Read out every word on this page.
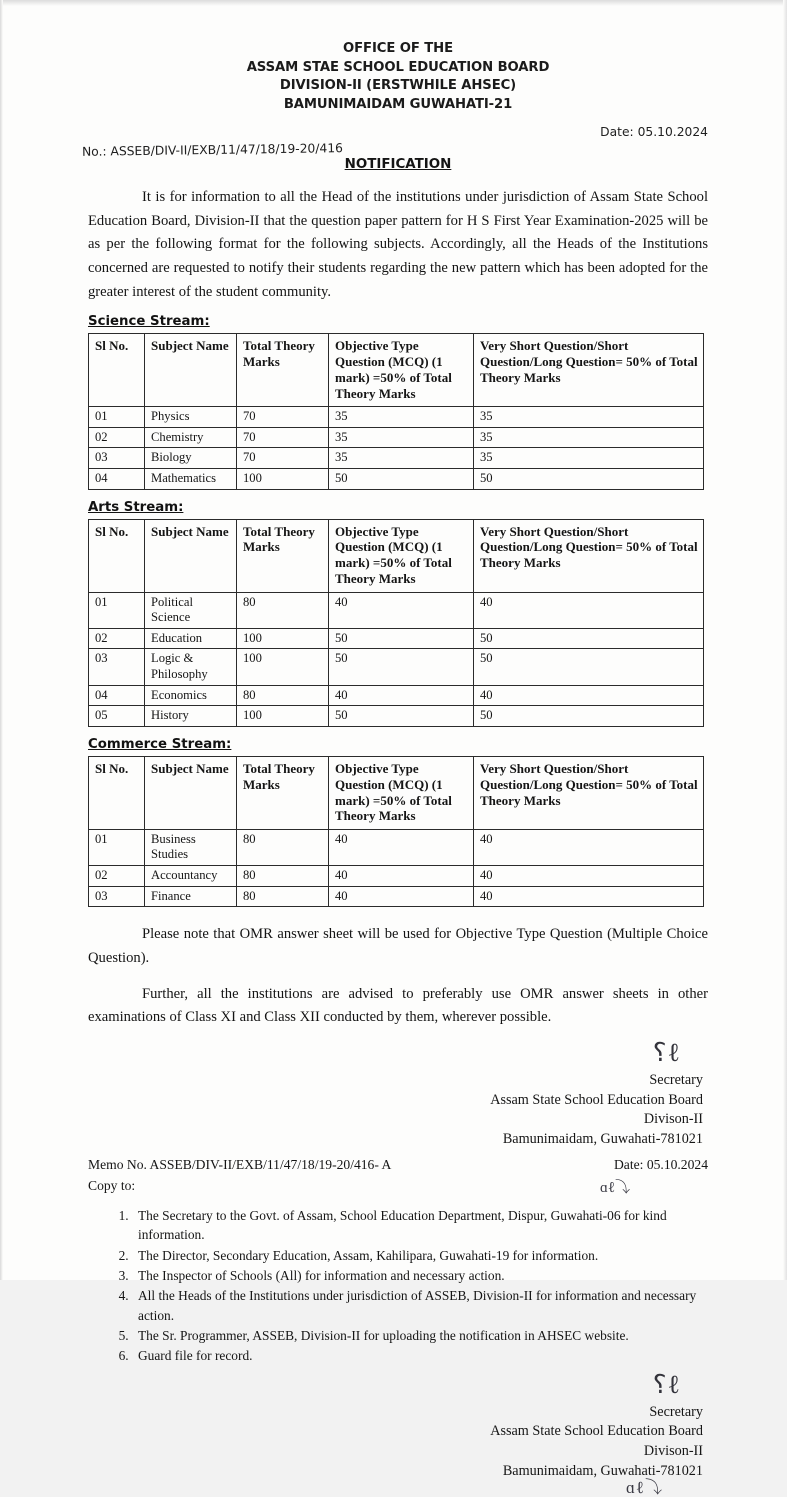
OFFICE OF THE
ASSAM STAE SCHOOL EDUCATION BOARD
DIVISION-II (ERSTWHILE AHSEC)
BAMUNIMAIDAM GUWAHATI-21
No.: ASSEB/DIV-II/EXB/11/47/18/19-20/416
Date: 05.10.2024
NOTIFICATION
It is for information to all the Head of the institutions under jurisdiction of Assam State School Education Board, Division-II that the question paper pattern for H S First Year Examination-2025 will be as per the following format for the following subjects. Accordingly, all the Heads of the Institutions concerned are requested to notify their students regarding the new pattern which has been adopted for the greater interest of the student community.
Science Stream:
Sl No.	Subject Name	Total Theory Marks	Objective Type Question (MCQ) (1 mark) =50% of Total Theory Marks	Very Short Question/Short Question/Long Question= 50% of Total Theory Marks
01	Physics	70	35	35
02	Chemistry	70	35	35
03	Biology	70	35	35
04	Mathematics	100	50	50
Arts Stream:
Sl No.	Subject Name	Total Theory Marks	Objective Type Question (MCQ) (1 mark) =50% of Total Theory Marks	Very Short Question/Short Question/Long Question= 50% of Total Theory Marks
01	Political Science	80	40	40
02	Education	100	50	50
03	Logic & Philosophy	100	50	50
04	Economics	80	40	40
05	History	100	50	50
Commerce Stream:
Sl No.	Subject Name	Total Theory Marks	Objective Type Question (MCQ) (1 mark) =50% of Total Theory Marks	Very Short Question/Short Question/Long Question= 50% of Total Theory Marks
01	Business Studies	80	40	40
02	Accountancy	80	40	40
03	Finance	80	40	40
Please note that OMR answer sheet will be used for Objective Type Question (Multiple Choice Question).
Further, all the institutions are advised to preferably use OMR answer sheets in other examinations of Class XI and Class XII conducted by them, wherever possible.
⸮ℓ
Secretary
Assam State School Education Board
Divison-II
Bamunimaidam, Guwahati-781021
Memo No. ASSEB/DIV-II/EXB/11/47/18/19-20/416- A
Copy to:
Date: 05.10.2024
ɑℓ⤵
1. The Secretary to the Govt. of Assam, School Education Department, Dispur, Guwahati-06 for kind information.
2. The Director, Secondary Education, Assam, Kahilipara, Guwahati-19 for information.
3. The Inspector of Schools (All) for information and necessary action.
4. All the Heads of the Institutions under jurisdiction of ASSEB, Division-II for information and necessary action.
5. The Sr. Programmer, ASSEB, Division-II for uploading the notification in AHSEC website.
6. Guard file for record.
⸮ℓ
Secretary
Assam State School Education Board
Divison-II
Bamunimaidam, Guwahati-781021
ɑℓ⤵
